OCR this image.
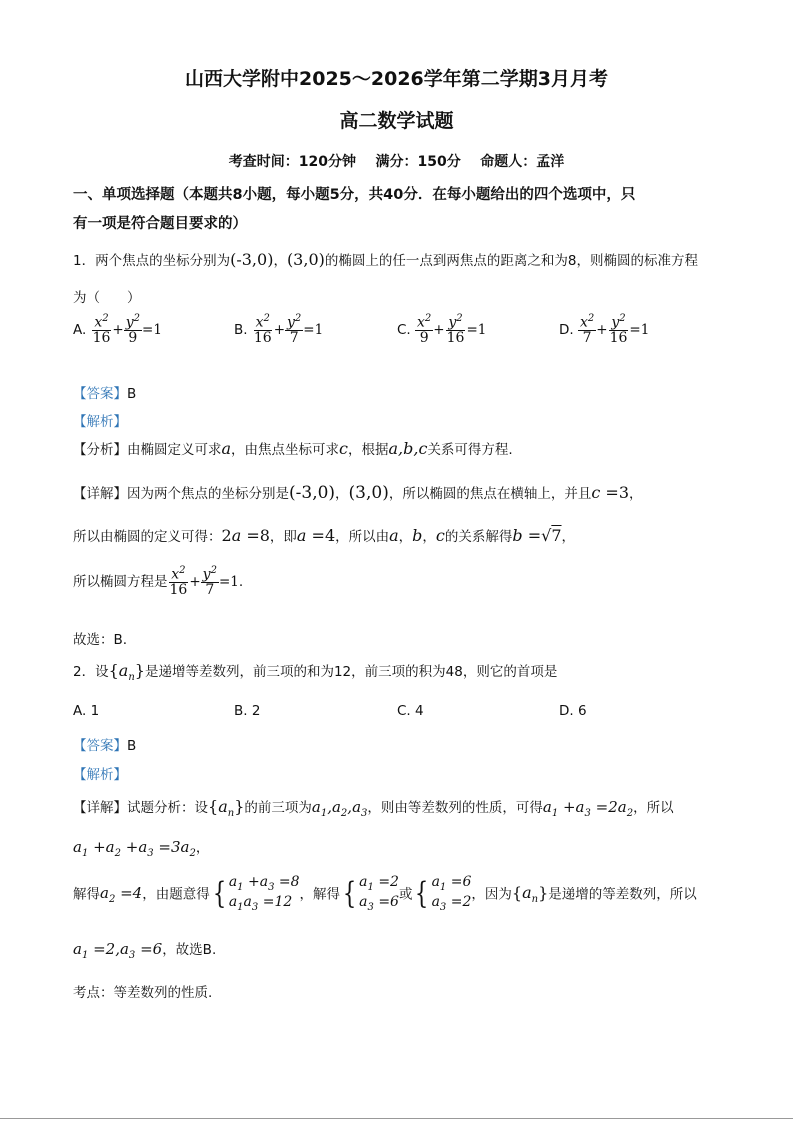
山西大学附中2025～2026学年第二学期3月月考
高二数学试题
考查时间：120分钟    满分：150分    命题人：孟洋
一、单项选择题（本题共8小题，每小题5分，共40分．在每小题给出的四个选项中，只
有一项是符合题目要求的）
1．两个焦点的坐标分别为(-3,0)，(3,0)的椭圆上的任一点到两焦点的距离之和为8，则椭圆的标准方程
为（　　）
A. $\frac{x^2}{16} + \frac{y^2}{9} =1$	B. $\frac{x^2}{16} + \frac{y^2}{7} =1$	C. $\frac{x^2}{9} + \frac{y^2}{16} =1$	D. $\frac{x^2}{7} + \frac{y^2}{16} =1$
【答案】B
【解析】
【分析】由椭圆定义可求a，由焦点坐标可求c，根据a,b,c关系可得方程.
【详解】因为两个焦点的坐标分别是(-3,0)，(3,0)，所以椭圆的焦点在横轴上，并且c =3，
所以由椭圆的定义可得：2a =8，即a =4，所以由a，b，c的关系解得b =√7，
所以椭圆方程是 $\frac{x^2}{16} + \frac{y^2}{7} =1$.
故选：B.
2．设$\{a_n\}$是递增等差数列，前三项的和为12，前三项的积为48，则它的首项是
A. 1	B. 2	C. 4	D. 6
【答案】B
【解析】
【详解】试题分析：设$\{a_n\}$的前三项为$a_1,a_2,a_3$，则由等差数列的性质，可得$a_1 +a_3 =2a_2$，所以
$a_1 +a_2 +a_3 =3a_2$，
解得$a_2 =4$，由题意得 { $a_1 +a_3 =8$
$a_1a_3 =12$ ，解得 { $a_1 =2$
$a_3 =6$ 或 { $a_1 =6$
$a_3 =2$ ，因为$\{a_n\}$是递增的等差数列，所以
$a_1 =2,a_3 =6$，故选B.
考点：等差数列的性质.
